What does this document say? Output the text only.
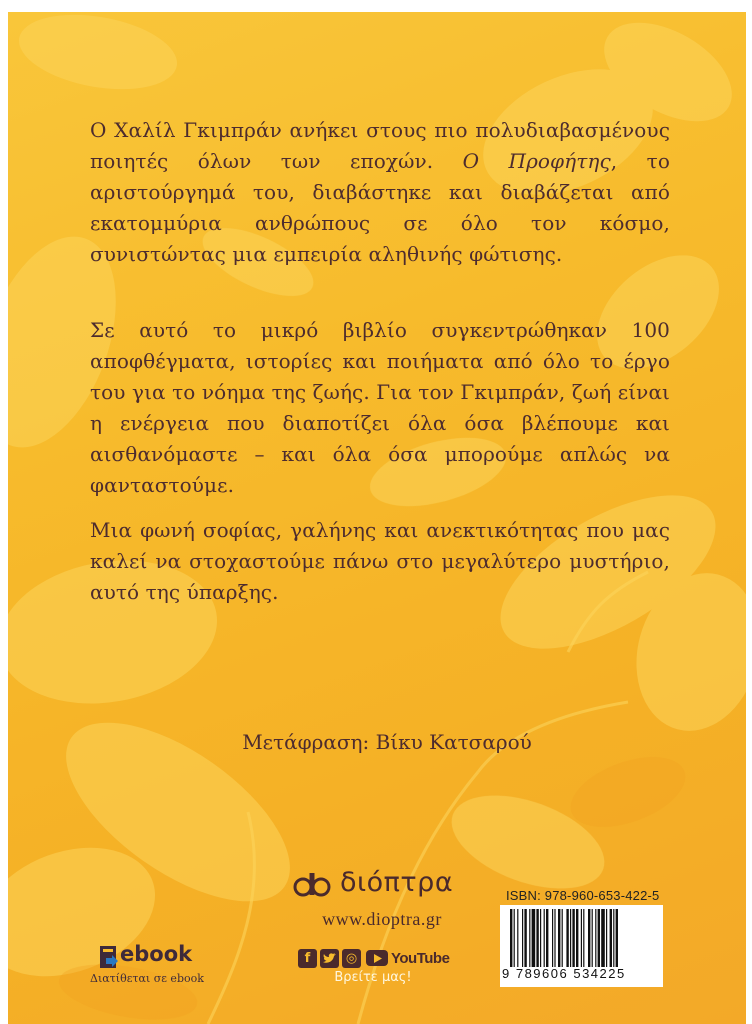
Ο Χαλίλ Γκιμπράν ανήκει στους πιο πολυδιαβασμένους ποιητές όλων των εποχών. Ο Προφήτης, το αριστούργημά του, διαβάστηκε και διαβάζεται από εκατομμύρια ανθρώπους σε όλο τον κόσμο, συνιστώντας μια εμπειρία αληθινής φώτισης.

Σε αυτό το μικρό βιβλίο συγκεντρώθηκαν 100 αποφθέγματα, ιστορίες και ποιήματα από όλο το έργο του για το νόημα της ζωής. Για τον Γκιμπράν, ζωή είναι η ενέργεια που διαποτίζει όλα όσα βλέπουμε και αισθανόμαστε – και όλα όσα μπορούμε απλώς να φανταστούμε.

Μια φωνή σοφίας, γαλήνης και ανεκτικότητας που μας καλεί να στοχαστούμε πάνω στο μεγαλύτερο μυστήριο, αυτό της ύπαρξης.

Μετάφραση: Βίκυ Κατσαρού
διόπτρα
www.dioptra.gr
f	◎ YouTube
Βρείτε μας!
ebook
Διατίθεται σε ebook
ISBN: 978-960-653-422-5
9 789606 534225
